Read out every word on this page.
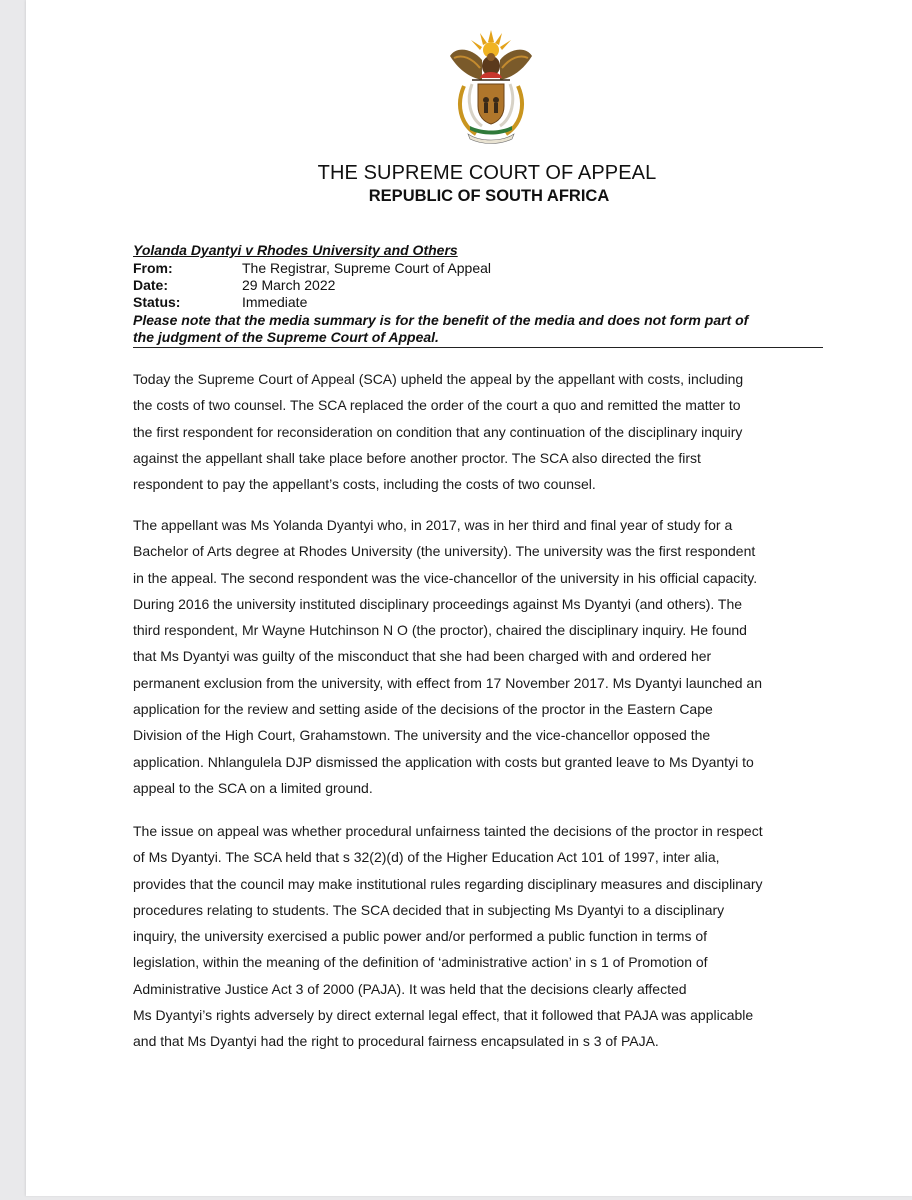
THE SUPREME COURT OF APPEAL
REPUBLIC OF SOUTH AFRICA
Yolanda Dyantyi v Rhodes University and Others
From:	The Registrar, Supreme Court of Appeal
Date:	29 March 2022
Status:	Immediate
Please note that the media summary is for the benefit of the media and does not form part of
the judgment of the Supreme Court of Appeal.
Today the Supreme Court of Appeal (SCA) upheld the appeal by the appellant with costs, including
the costs of two counsel. The SCA replaced the order of the court a quo and remitted the matter to
the first respondent for reconsideration on condition that any continuation of the disciplinary inquiry
against the appellant shall take place before another proctor. The SCA also directed the first
respondent to pay the appellant’s costs, including the costs of two counsel.
The appellant was Ms Yolanda Dyantyi who, in 2017, was in her third and final year of study for a
Bachelor of Arts degree at Rhodes University (the university). The university was the first respondent
in the appeal. The second respondent was the vice-chancellor of the university in his official capacity.
During 2016 the university instituted disciplinary proceedings against Ms Dyantyi (and others). The
third respondent, Mr Wayne Hutchinson N O (the proctor), chaired the disciplinary inquiry. He found
that Ms Dyantyi was guilty of the misconduct that she had been charged with and ordered her
permanent exclusion from the university, with effect from 17 November 2017. Ms Dyantyi launched an
application for the review and setting aside of the decisions of the proctor in the Eastern Cape
Division of the High Court, Grahamstown. The university and the vice-chancellor opposed the
application. Nhlangulela DJP dismissed the application with costs but granted leave to Ms Dyantyi to
appeal to the SCA on a limited ground.
The issue on appeal was whether procedural unfairness tainted the decisions of the proctor in respect
of Ms Dyantyi. The SCA held that s 32(2)(d) of the Higher Education Act 101 of 1997, inter alia,
provides that the council may make institutional rules regarding disciplinary measures and disciplinary
procedures relating to students. The SCA decided that in subjecting Ms Dyantyi to a disciplinary
inquiry, the university exercised a public power and/or performed a public function in terms of
legislation, within the meaning of the definition of ‘administrative action’ in s 1 of Promotion of
Administrative Justice Act 3 of 2000 (PAJA). It was held that the decisions clearly affected
Ms Dyantyi’s rights adversely by direct external legal effect, that it followed that PAJA was applicable
and that Ms Dyantyi had the right to procedural fairness encapsulated in s 3 of PAJA.
